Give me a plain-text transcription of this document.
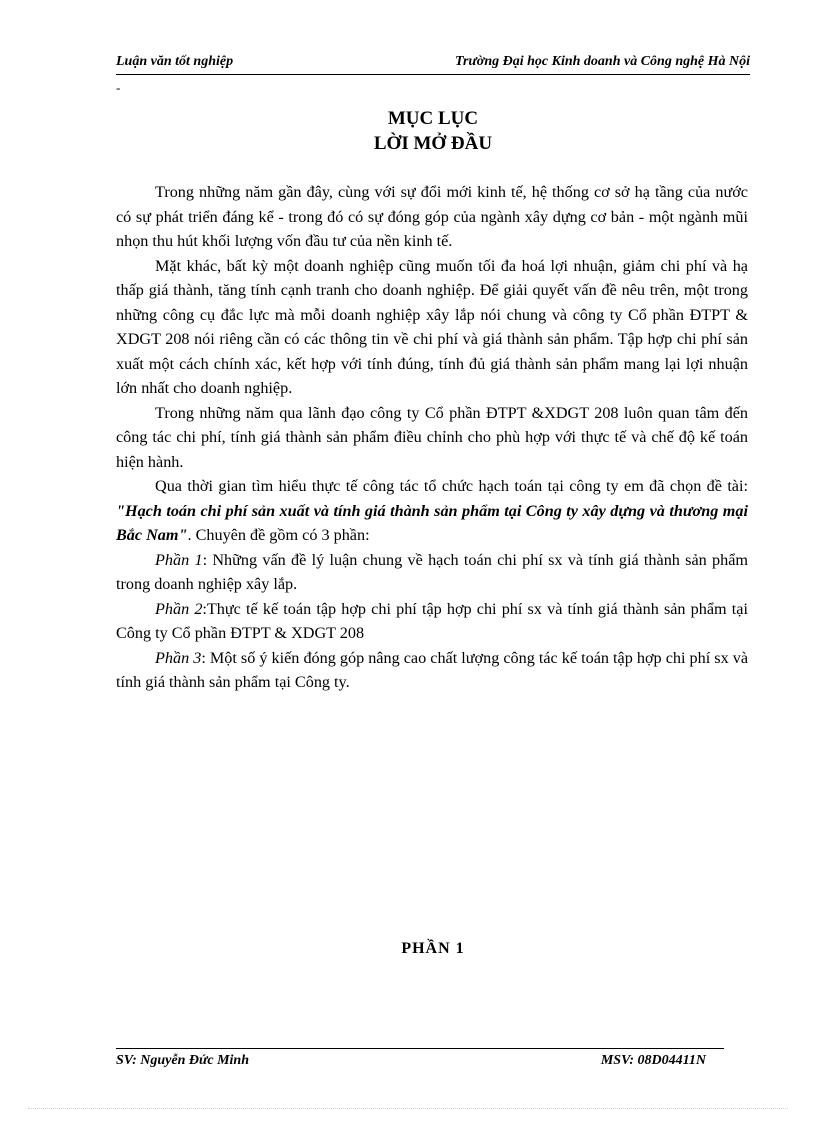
Luận văn tốt nghiệp	Trường Đại học Kinh doanh và Công nghệ Hà Nội
-
MỤC LỤC
LỜI MỞ ĐẦU

Trong những năm gần đây, cùng với sự đổi mới kinh tế, hệ thống cơ sở hạ tầng của nước có sự phát triển đáng kể - trong đó có sự đóng góp của ngành xây dựng cơ bản - một ngành mũi nhọn thu hút khối lượng vốn đầu tư của nền kinh tế.

Mặt khác, bất kỳ một doanh nghiệp cũng muốn tối đa hoá lợi nhuận, giảm chi phí và hạ thấp giá thành, tăng tính cạnh tranh cho doanh nghiệp. Để giải quyết vấn đề nêu trên, một trong những công cụ đắc lực mà mỗi doanh nghiệp xây lắp nói chung và công ty Cổ phần ĐTPT & XDGT 208 nói riêng cần có các thông tin về chi phí và giá thành sản phẩm. Tập hợp chi phí sản xuất một cách chính xác, kết hợp với tính đúng, tính đủ giá thành sản phẩm mang lại lợi nhuận lớn nhất cho doanh nghiệp.

Trong những năm qua lãnh đạo công ty Cổ phần ĐTPT &XDGT 208 luôn quan tâm đến công tác chi phí, tính giá thành sản phẩm điều chỉnh cho phù hợp với thực tế và chế độ kế toán hiện hành.

Qua thời gian tìm hiểu thực tế công tác tổ chức hạch toán tại công ty em đã chọn đề tài: "Hạch toán chi phí sản xuất và tính giá thành sản phẩm tại Công ty xây dựng và thương mại Bắc Nam". Chuyên đề gồm có 3 phần:

Phần 1: Những vấn đề lý luận chung về hạch toán chi phí sx và tính giá thành sản phẩm trong doanh nghiệp xây lắp.

Phần 2:Thực tế kế toán tập hợp chi phí tập hợp chi phí sx và tính giá thành sản phẩm tại Công ty Cổ phần ĐTPT & XDGT 208

Phần 3: Một số ý kiến đóng góp nâng cao chất lượng công tác kế toán tập hợp chi phí sx và tính giá thành sản phẩm tại Công ty.

PHẦN 1
SV: Nguyễn Đức Minh	MSV: 08D04411N
